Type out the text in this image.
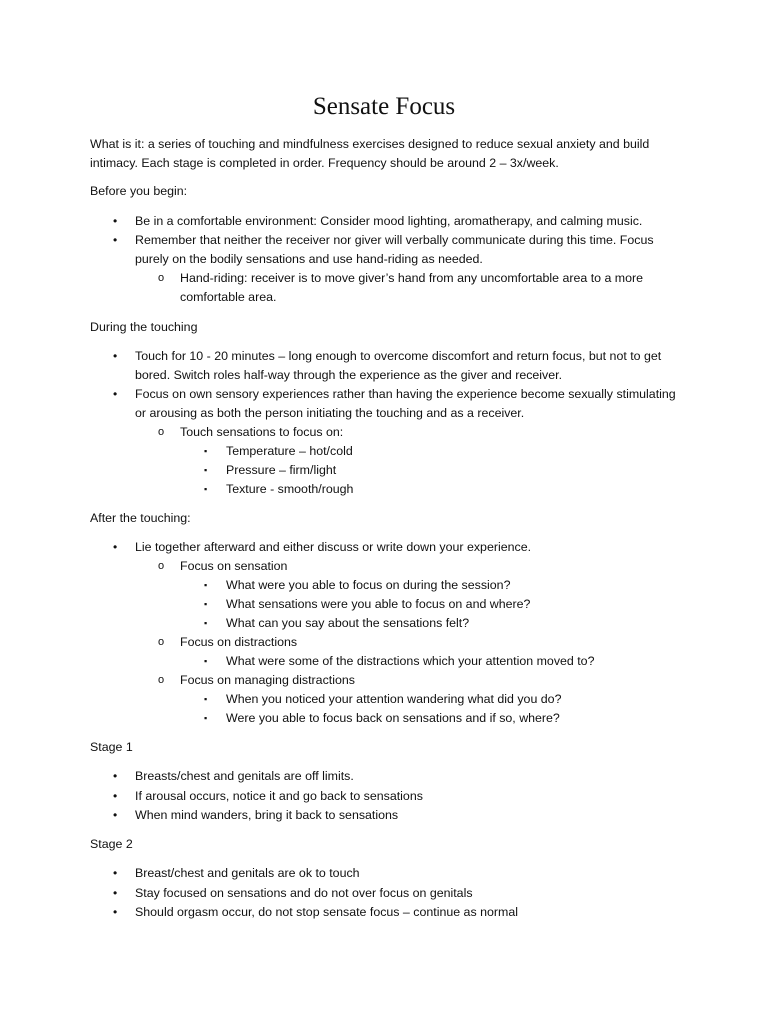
Sensate Focus
What is it: a series of touching and mindfulness exercises designed to reduce sexual anxiety and build intimacy. Each stage is completed in order. Frequency should be around 2 – 3x/week.
Before you begin:
• Be in a comfortable environment: Consider mood lighting, aromatherapy, and calming music.
• Remember that neither the receiver nor giver will verbally communicate during this time. Focus purely on the bodily sensations and use hand-riding as needed.
o Hand-riding: receiver is to move giver’s hand from any uncomfortable area to a more comfortable area.
During the touching
• Touch for 10 - 20 minutes – long enough to overcome discomfort and return focus, but not to get bored. Switch roles half-way through the experience as the giver and receiver.
• Focus on own sensory experiences rather than having the experience become sexually stimulating or arousing as both the person initiating the touching and as a receiver.
o Touch sensations to focus on:
▪ Temperature – hot/cold
▪ Pressure – firm/light
▪ Texture - smooth/rough
After the touching:
• Lie together afterward and either discuss or write down your experience.
o Focus on sensation
▪ What were you able to focus on during the session?
▪ What sensations were you able to focus on and where?
▪ What can you say about the sensations felt?
o Focus on distractions
▪ What were some of the distractions which your attention moved to?
o Focus on managing distractions
▪ When you noticed your attention wandering what did you do?
▪ Were you able to focus back on sensations and if so, where?
Stage 1
• Breasts/chest and genitals are off limits.
• If arousal occurs, notice it and go back to sensations
• When mind wanders, bring it back to sensations
Stage 2
• Breast/chest and genitals are ok to touch
• Stay focused on sensations and do not over focus on genitals
• Should orgasm occur, do not stop sensate focus – continue as normal
